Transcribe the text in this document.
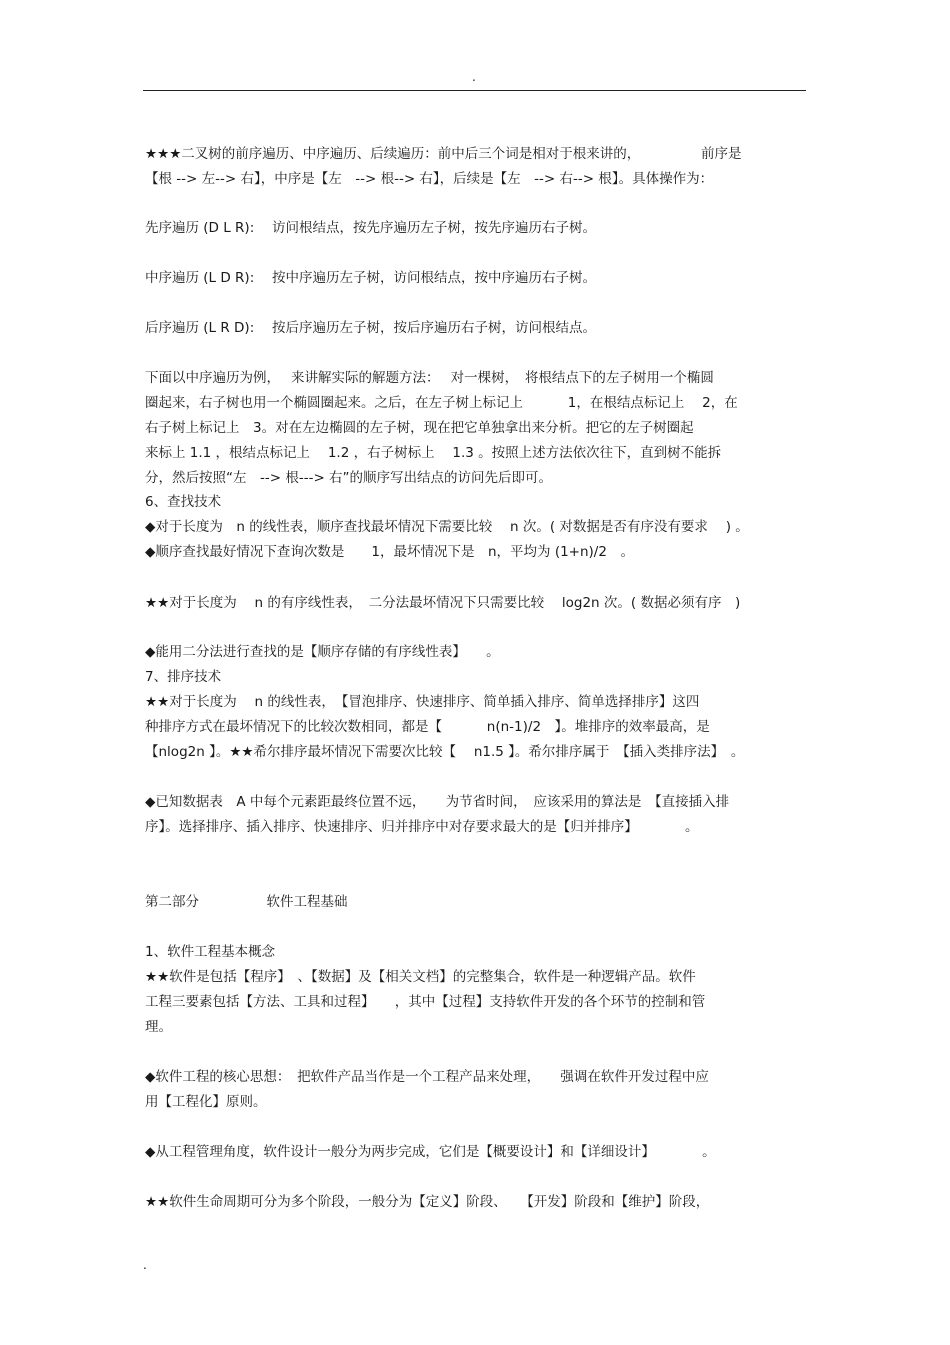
.
★★★二叉树的前序遍历、中序遍历、后续遍历：前中后三个词是相对于根来讲的，　　　　　前序是
【根 --> 左--> 右】，中序是【左　--> 根--> 右】，后续是【左　--> 右--> 根】。具体操作为：
先序遍历 (D L R):　 访问根结点，按先序遍历左子树，按先序遍历右子树。
中序遍历 (L D R):　 按中序遍历左子树，访问根结点，按中序遍历右子树。
后序遍历 (L R D):　 按后序遍历左子树，按后序遍历右子树，访问根结点。
下面以中序遍历为例，　 来讲解实际的解题方法：　 对一棵树，　将根结点下的左子树用一个椭圆
圈起来，右子树也用一个椭圆圈起来。之后，在左子树上标记上　　　 1，在根结点标记上　 2，在
右子树上标记上　3。对在左边椭圆的左子树，现在把它单独拿出来分析。把它的左子树圈起
来标上 1.1 ，根结点标记上　 1.2 ，右子树标上　 1.3 。按照上述方法依次往下，直到树不能拆
分，然后按照“左　--> 根---> 右”的顺序写出结点的访问先后即可。
6、查找技术
◆对于长度为　n 的线性表，顺序查找最坏情况下需要比较　 n 次。( 对数据是否有序没有要求　 ) 。
◆顺序查找最好情况下查询次数是　　1，最坏情况下是　n，平均为 (1+n)/2　。
★★对于长度为　 n 的有序线性表，　二分法最坏情况下只需要比较　 log2n 次。( 数据必须有序　)
◆能用二分法进行查找的是【顺序存储的有序线性表】　　。
7、排序技术
★★对于长度为　 n 的线性表，　【冒泡排序、快速排序、简单插入排序、简单选择排序】这四
种排序方式在最坏情况下的比较次数相同，都是【　　　 n(n-1)/2　】。堆排序的效率最高，是
【nlog2n 】。★★希尔排序最坏情况下需要次比较【　 n1.5 】。希尔排序属于　【插入类排序法】　。
◆已知数据表　A 中每个元素距最终位置不远，　　为节省时间，　应该采用的算法是　【直接插入排
序】。选择排序、插入排序、快速排序、归并排序中对存要求最大的是【归并排序】　　　　。
第二部分　　　　　软件工程基础
1、软件工程基本概念
★★软件是包括【程序】　、【数据】及【相关文档】的完整集合，软件是一种逻辑产品。软件
工程三要素包括【方法、工具和过程】　　，其中【过程】支持软件开发的各个环节的控制和管
理。
◆软件工程的核心思想：　把软件产品当作是一个工程产品来处理，　　强调在软件开发过程中应
用【工程化】原则。
◆从工程管理角度，软件设计一般分为两步完成，它们是【概要设计】和【详细设计】　　　　。
★★软件生命周期可分为多个阶段，一般分为【定义】阶段、　　【开发】阶段和【维护】阶段，
.
